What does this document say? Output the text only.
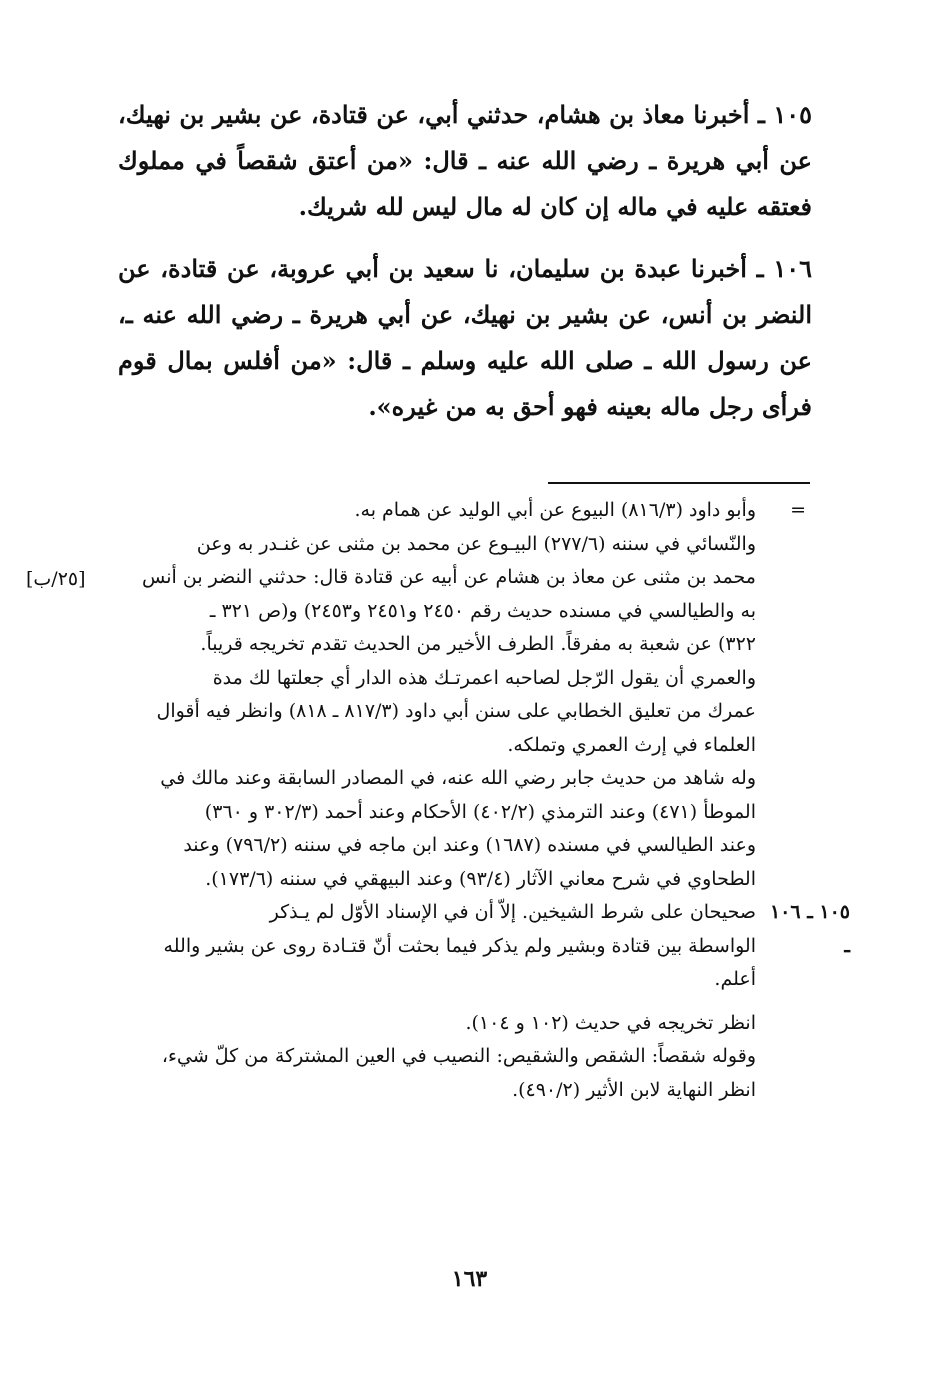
١٠٥ ـ أخبرنا معاذ بن هشام، حدثني أبي، عن قتادة، عن بشير بن نهيك، عن أبي هريرة ـ رضي الله عنه ـ قال: «من أعتق شقصاً في مملوك فعتقه عليه في ماله إن كان له مال ليس لله شريك.

١٠٦ ـ أخبرنا عبدة بن سليمان، نا سعيد بن أبي عروبة، عن قتادة، عن النضر بن أنس، عن بشير بن نهيك، عن أبي هريرة ـ رضي الله عنه ـ، عن رسول الله ـ صلى الله عليه وسلم ـ قال: «من أفلس بمال قوم فرأى رجل ماله بعينه فهو أحق به من غيره».

[٢٥/ب]
=
وأبو داود (٨١٦/٣) البيوع عن أبي الوليد عن همام به.
والنّسائي في سننه (٢٧٧/٦) البيـوع عن محمد بن مثنى عن غنـدر به وعن
محمد بن مثنى عن معاذ بن هشام عن أبيه عن قتادة قال: حدثني النضر بن أنس
به والطيالسي في مسنده حديث رقم ٢٤٥٠ و٢٤٥١ و٢٤٥٣) و(ص ٣٢١ ـ
٣٢٢) عن شعبة به مفرقاً. الطرف الأخير من الحديث تقدم تخريجه قريباً.
والعمري أن يقول الرّجل لصاحبه اعمرتـك هذه الدار أي جعلتها لك مدة
عمرك من تعليق الخطابي على سنن أبي داود (٨١٧/٣ ـ ٨١٨) وانظر فيه أقوال
العلماء في إرث العمري وتملكه.
وله شاهد من حديث جابر رضي الله عنه، في المصادر السابقة وعند مالك في
الموطأ (٤٧١) وعند الترمذي (٤٠٢/٢) الأحكام وعند أحمد (٣٠٢/٣ و ٣٦٠)
وعند الطيالسي في مسنده (١٦٨٧) وعند ابن ماجه في سننه (٧٩٦/٢) وعند
الطحاوي في شرح معاني الآثار (٩٣/٤) وعند البيهقي في سننه (١٧٣/٦).
١٠٥ ـ ١٠٦ ـ
صحيحان على شرط الشيخين. إلاّ أن في الإسناد الأوّل لم يـذكر
الواسطة بين قتادة وبشير ولم يذكر فيما بحثت أنّ قتـادة روى عن بشير والله
أعلم.
انظر تخريجه في حديث (١٠٢ و ١٠٤).
وقوله شقصاً: الشقص والشقيص: النصيب في العين المشتركة من كلّ شيء،
انظر النهاية لابن الأثير (٤٩٠/٢).
١٦٣
